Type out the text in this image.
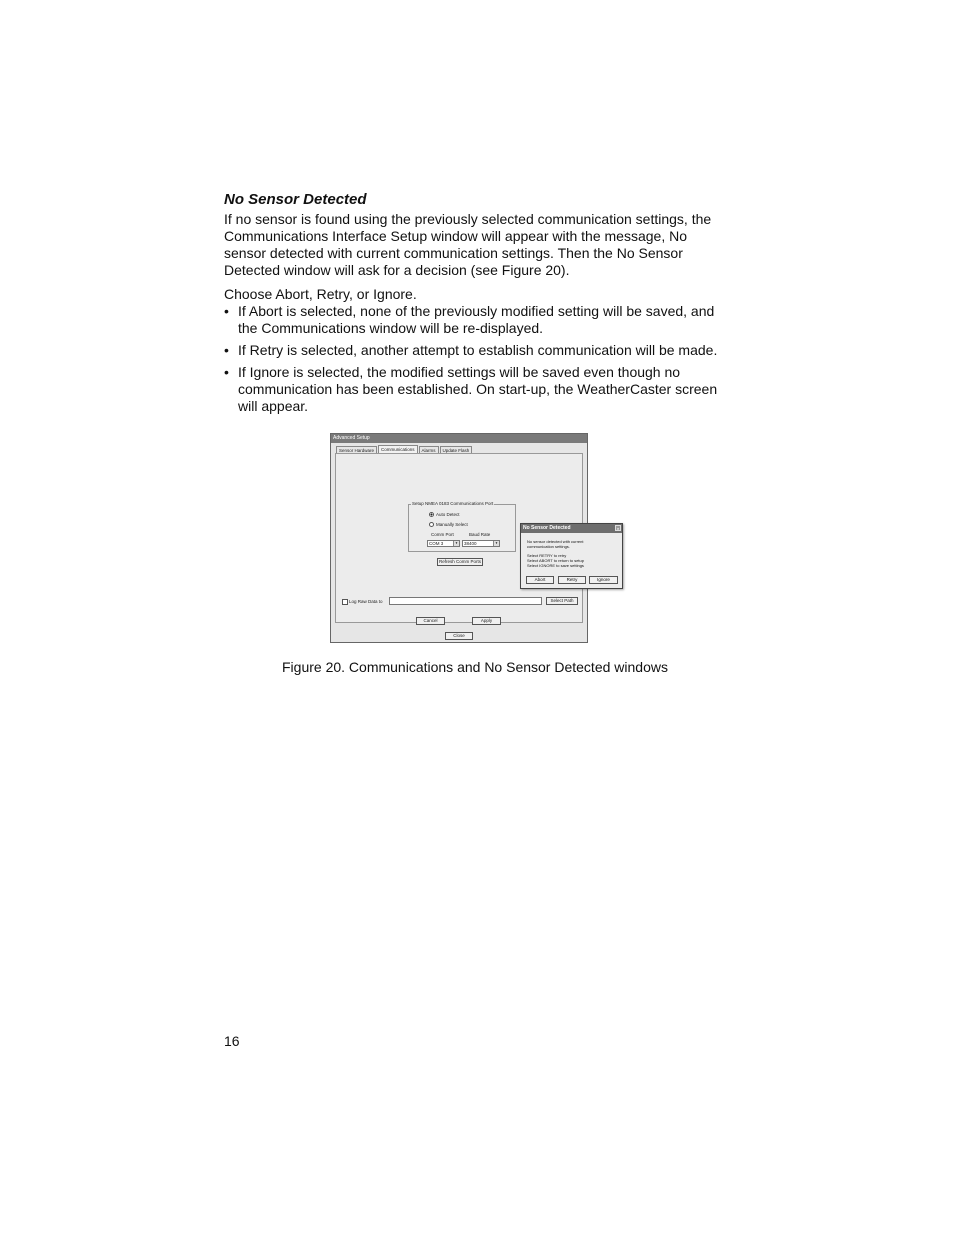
No Sensor Detected

If no sensor is found using the previously selected communication settings, the
Communications Interface Setup window will appear with the message, No
sensor detected with current communication settings. Then the No Sensor
Detected window will ask for a decision (see Figure 20).

Choose Abort, Retry, or Ignore.

• If Abort is selected, none of the previously modified setting will be saved, and
the Communications window will be re-displayed.
• If Retry is selected, another attempt to establish communication will be made.
• If Ignore is selected, the modified settings will be saved even though no
communication has been established. On start-up, the WeatherCaster screen
will appear.
Advanced Setup
Sensor Hardware	Communications	Alarms	Update Flash
Setup NMEA 0183 Communications Port
Auto Detect
Manually Select
Comm Port	Baud Rate
COM 3	▼	38400	▼
Refresh Comm Ports
Log Raw Data to	Select Path
Cancel	Apply
Close
No Sensor Detected	×
No sensor detected with current
communication settings.
Select RETRY to retry
Select ABORT to return to setup
Select IGNORE to save settings
Abort	Retry	Ignore

Figure 20. Communications and No Sensor Detected windows

16
